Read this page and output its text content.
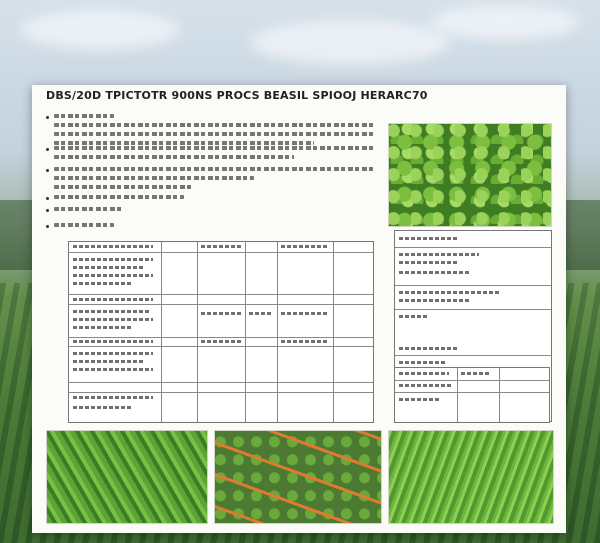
DBS/20D TPICTOTR 900NS PROCS BEASIL SPIOOJ HERARC70
